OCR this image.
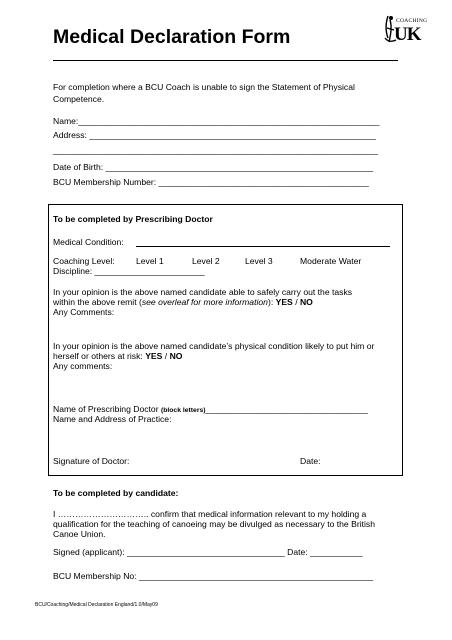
Medical Declaration Form
COACHING
UK
For completion where a BCU Coach is unable to sign the Statement of Physical
Competence.
Name:_______________________________________________________________
Address: ____________________________________________________________
____________________________________________________________________
Date of Birth: ________________________________________________________
BCU Membership Number: ____________________________________________
To be completed by Prescribing Doctor
Medical Condition:
Coaching Level: Level 1	Level 2	Level 3	Moderate Water
Discipline: _______________________
In your opinion is the above named candidate able to safely carry out the tasks
within the above remit (see overleaf for more information): YES / NO
Any Comments:
In your opinion is the above named candidate’s physical condition likely to put him or
herself or others at risk: YES / NO
Any comments:
Name of Prescribing Doctor (block letters)__________________________________
Name and Address of Practice:
Signature of Doctor:	Date:
To be completed by candidate:
I ………………………….. confirm that medical information relevant to my holding a
qualification for the teaching of canoeing may be divulged as necessary to the British
Canoe Union.
Signed (applicant): _________________________________ Date: ___________
BCU Membership No: _________________________________________________
BCU/Coaching/Medical Declaration England/1.0/May09
